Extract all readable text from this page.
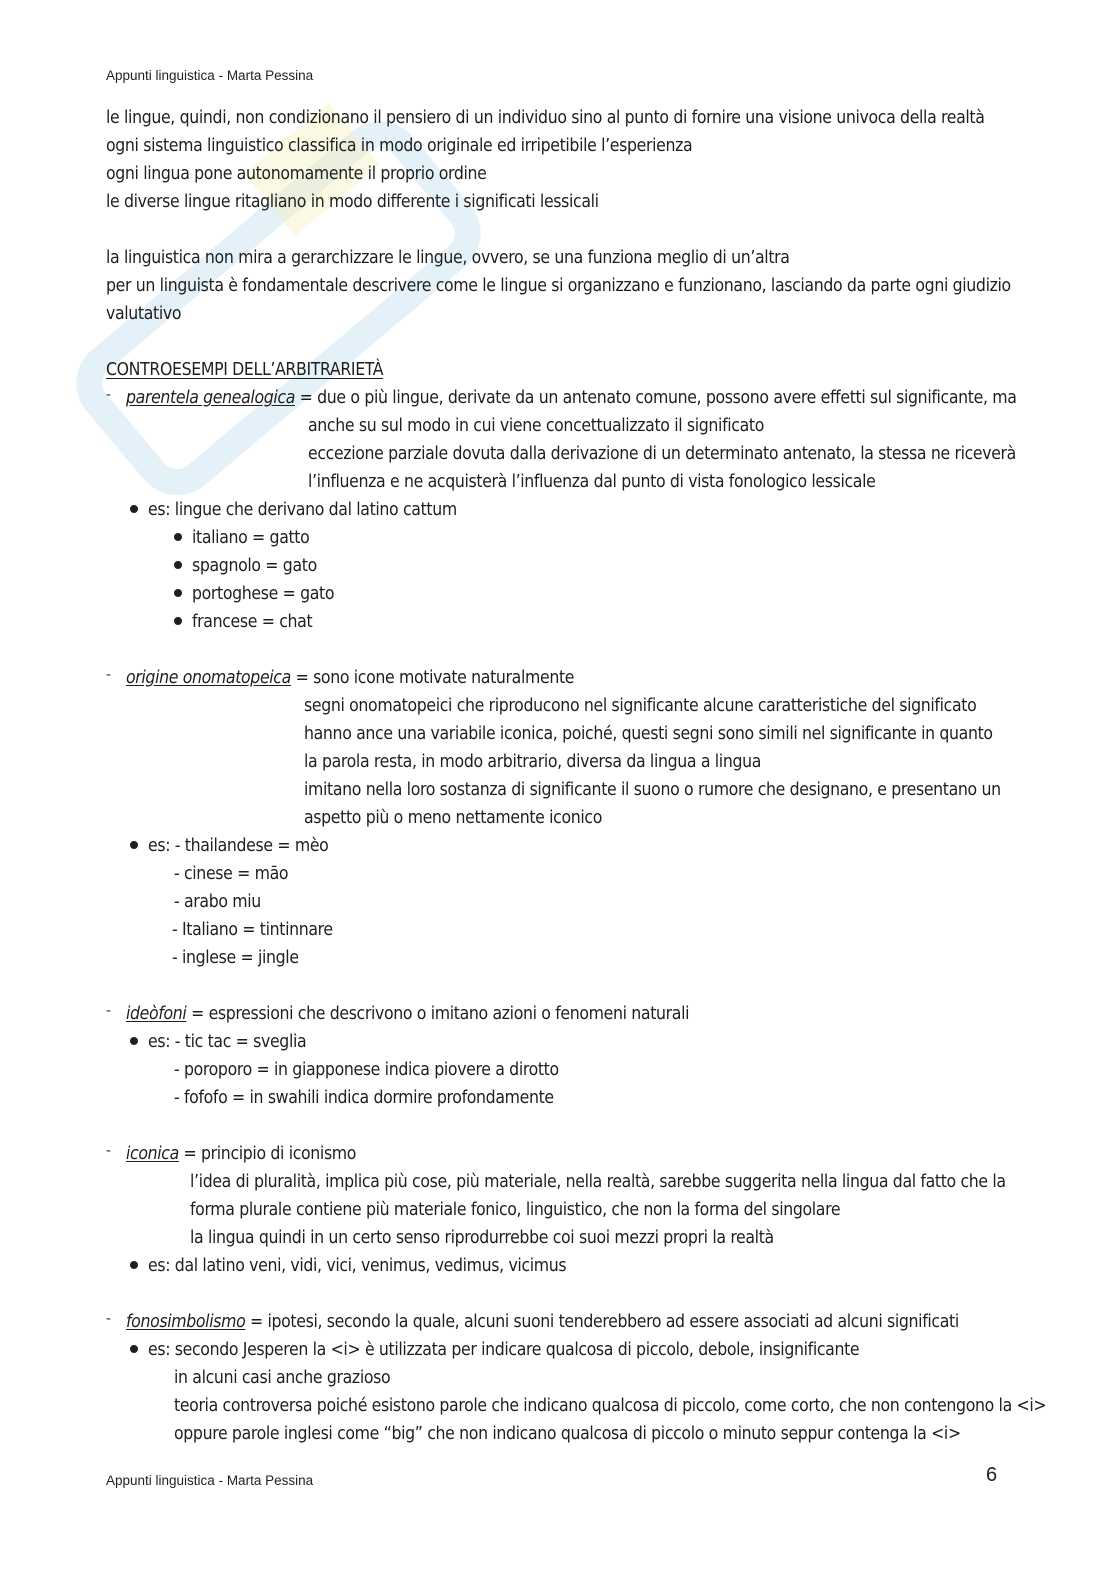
Appunti linguistica - Marta Pessina
le lingue, quindi, non condizionano il pensiero di un individuo sino al punto di fornire una visione univoca della realtà
ogni sistema linguistico classifica in modo originale ed irripetibile l’esperienza
ogni lingua pone autonomamente il proprio ordine
le diverse lingue ritagliano in modo differente i significati lessicali
la linguistica non mira a gerarchizzare le lingue, ovvero, se una funziona meglio di un’altra
per un linguista è fondamentale descrivere come le lingue si organizzano e funzionano, lasciando da parte ogni giudizio
valutativo
CONTROESEMPI DELL’ARBITRARIETÀ
- parentela genealogica = due o più lingue, derivate da un antenato comune, possono avere effetti sul significante, ma
anche su sul modo in cui viene concettualizzato il significato
eccezione parziale dovuta dalla derivazione di un determinato antenato, la stessa ne riceverà
l’influenza e ne acquisterà l’influenza dal punto di vista fonologico lessicale
es: lingue che derivano dal latino cattum
italiano = gatto
spagnolo = gato
portoghese = gato
francese = chat
- origine onomatopeica = sono icone motivate naturalmente
segni onomatopeici che riproducono nel significante alcune caratteristiche del significato
hanno ance una variabile iconica, poiché, questi segni sono simili nel significante in quanto
la parola resta, in modo arbitrario, diversa da lingua a lingua
imitano nella loro sostanza di significante il suono o rumore che designano, e presentano un
aspetto più o meno nettamente iconico
es: - thailandese = mèo
- cinese = māo
- arabo miu
- Italiano = tintinnare
- inglese = jingle
- ideòfoni = espressioni che descrivono o imitano azioni o fenomeni naturali
es: - tic tac = sveglia
- poroporo = in giapponese indica piovere a dirotto
- fofofo = in swahili indica dormire profondamente
- iconica = principio di iconismo
l’idea di pluralità, implica più cose, più materiale, nella realtà, sarebbe suggerita nella lingua dal fatto che la
forma plurale contiene più materiale fonico, linguistico, che non la forma del singolare
la lingua quindi in un certo senso riprodurrebbe coi suoi mezzi propri la realtà
es: dal latino veni, vidi, vici, venimus, vedimus, vicimus
- fonosimbolismo = ipotesi, secondo la quale, alcuni suoni tenderebbero ad essere associati ad alcuni significati
es: secondo Jesperen la <i> è utilizzata per indicare qualcosa di piccolo, debole, insignificante
in alcuni casi anche grazioso
teoria controversa poiché esistono parole che indicano qualcosa di piccolo, come corto, che non contengono la <i>
oppure parole inglesi come “big” che non indicano qualcosa di piccolo o minuto seppur contenga la <i>
Appunti linguistica - Marta Pessina	6
